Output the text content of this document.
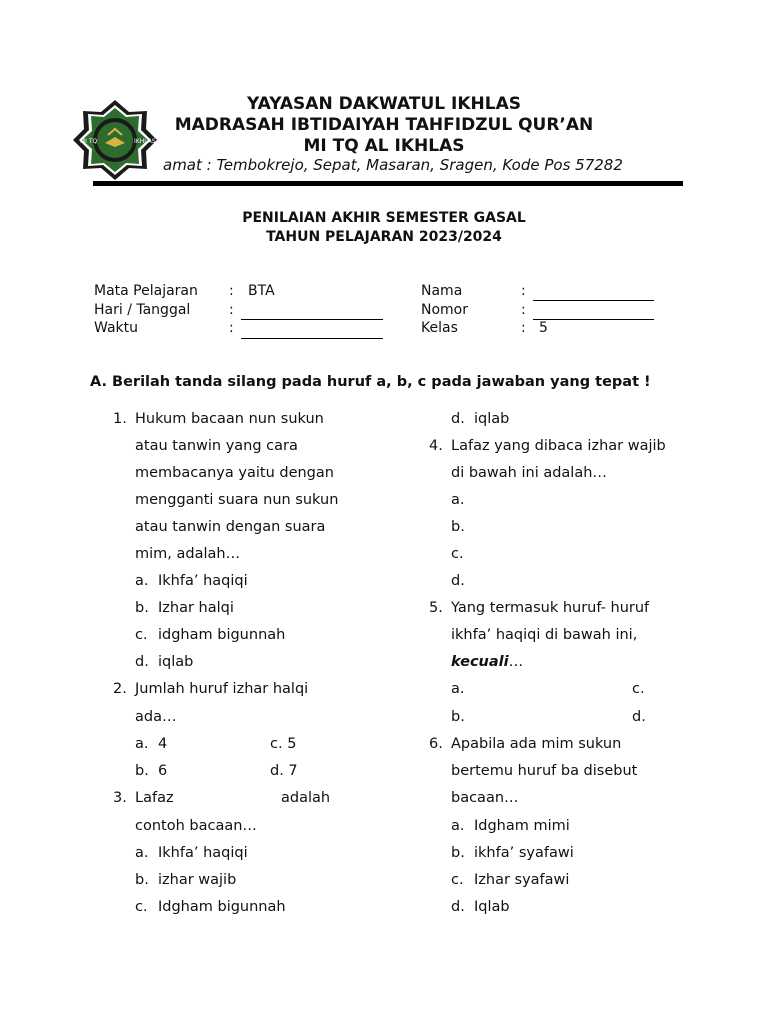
MI TQ	IKHLAS
YAYASAN DAKWATUL IKHLAS
MADRASAH IBTIDAIYAH TAHFIDZUL QUR’AN
MI TQ AL IKHLAS
amat : Tembokrejo, Sepat, Masaran, Sragen, Kode Pos 57282
PENILAIAN AKHIR SEMESTER GASAL
TAHUN PELAJARAN 2023/2024
Mata Pelajaran : BTA
Hari / Tanggal	:
Waktu	:
Nama	:
Nomor	:
Kelas	: 5
A. Berilah tanda silang pada huruf a, b, c pada jawaban yang tepat !
1. Hukum bacaan nun sukun
atau tanwin yang cara
membacanya yaitu dengan
mengganti suara nun sukun
atau tanwin dengan suara
mim, adalah…
a. Ikhfa’ haqiqi
b. Izhar halqi
c. idgham bigunnah
d. iqlab
2. Jumlah huruf izhar halqi
ada…
a. 4	c. 5
b. 6	d. 7
3. Lafaz	adalah
contoh bacaan…
a. Ikhfa’ haqiqi
b. izhar wajib
c. Idgham bigunnah
d. iqlab
4. Lafaz yang dibaca izhar wajib
di bawah ini adalah…
a.
b.
c.
d.
5. Yang termasuk huruf- huruf
ikhfa’ haqiqi di bawah ini,
kecuali…
a.	c.
b.	d.
6. Apabila ada mim sukun
bertemu huruf ba disebut
bacaan…
a. Idgham mimi
b. ikhfa’ syafawi
c. Izhar syafawi
d. Iqlab
